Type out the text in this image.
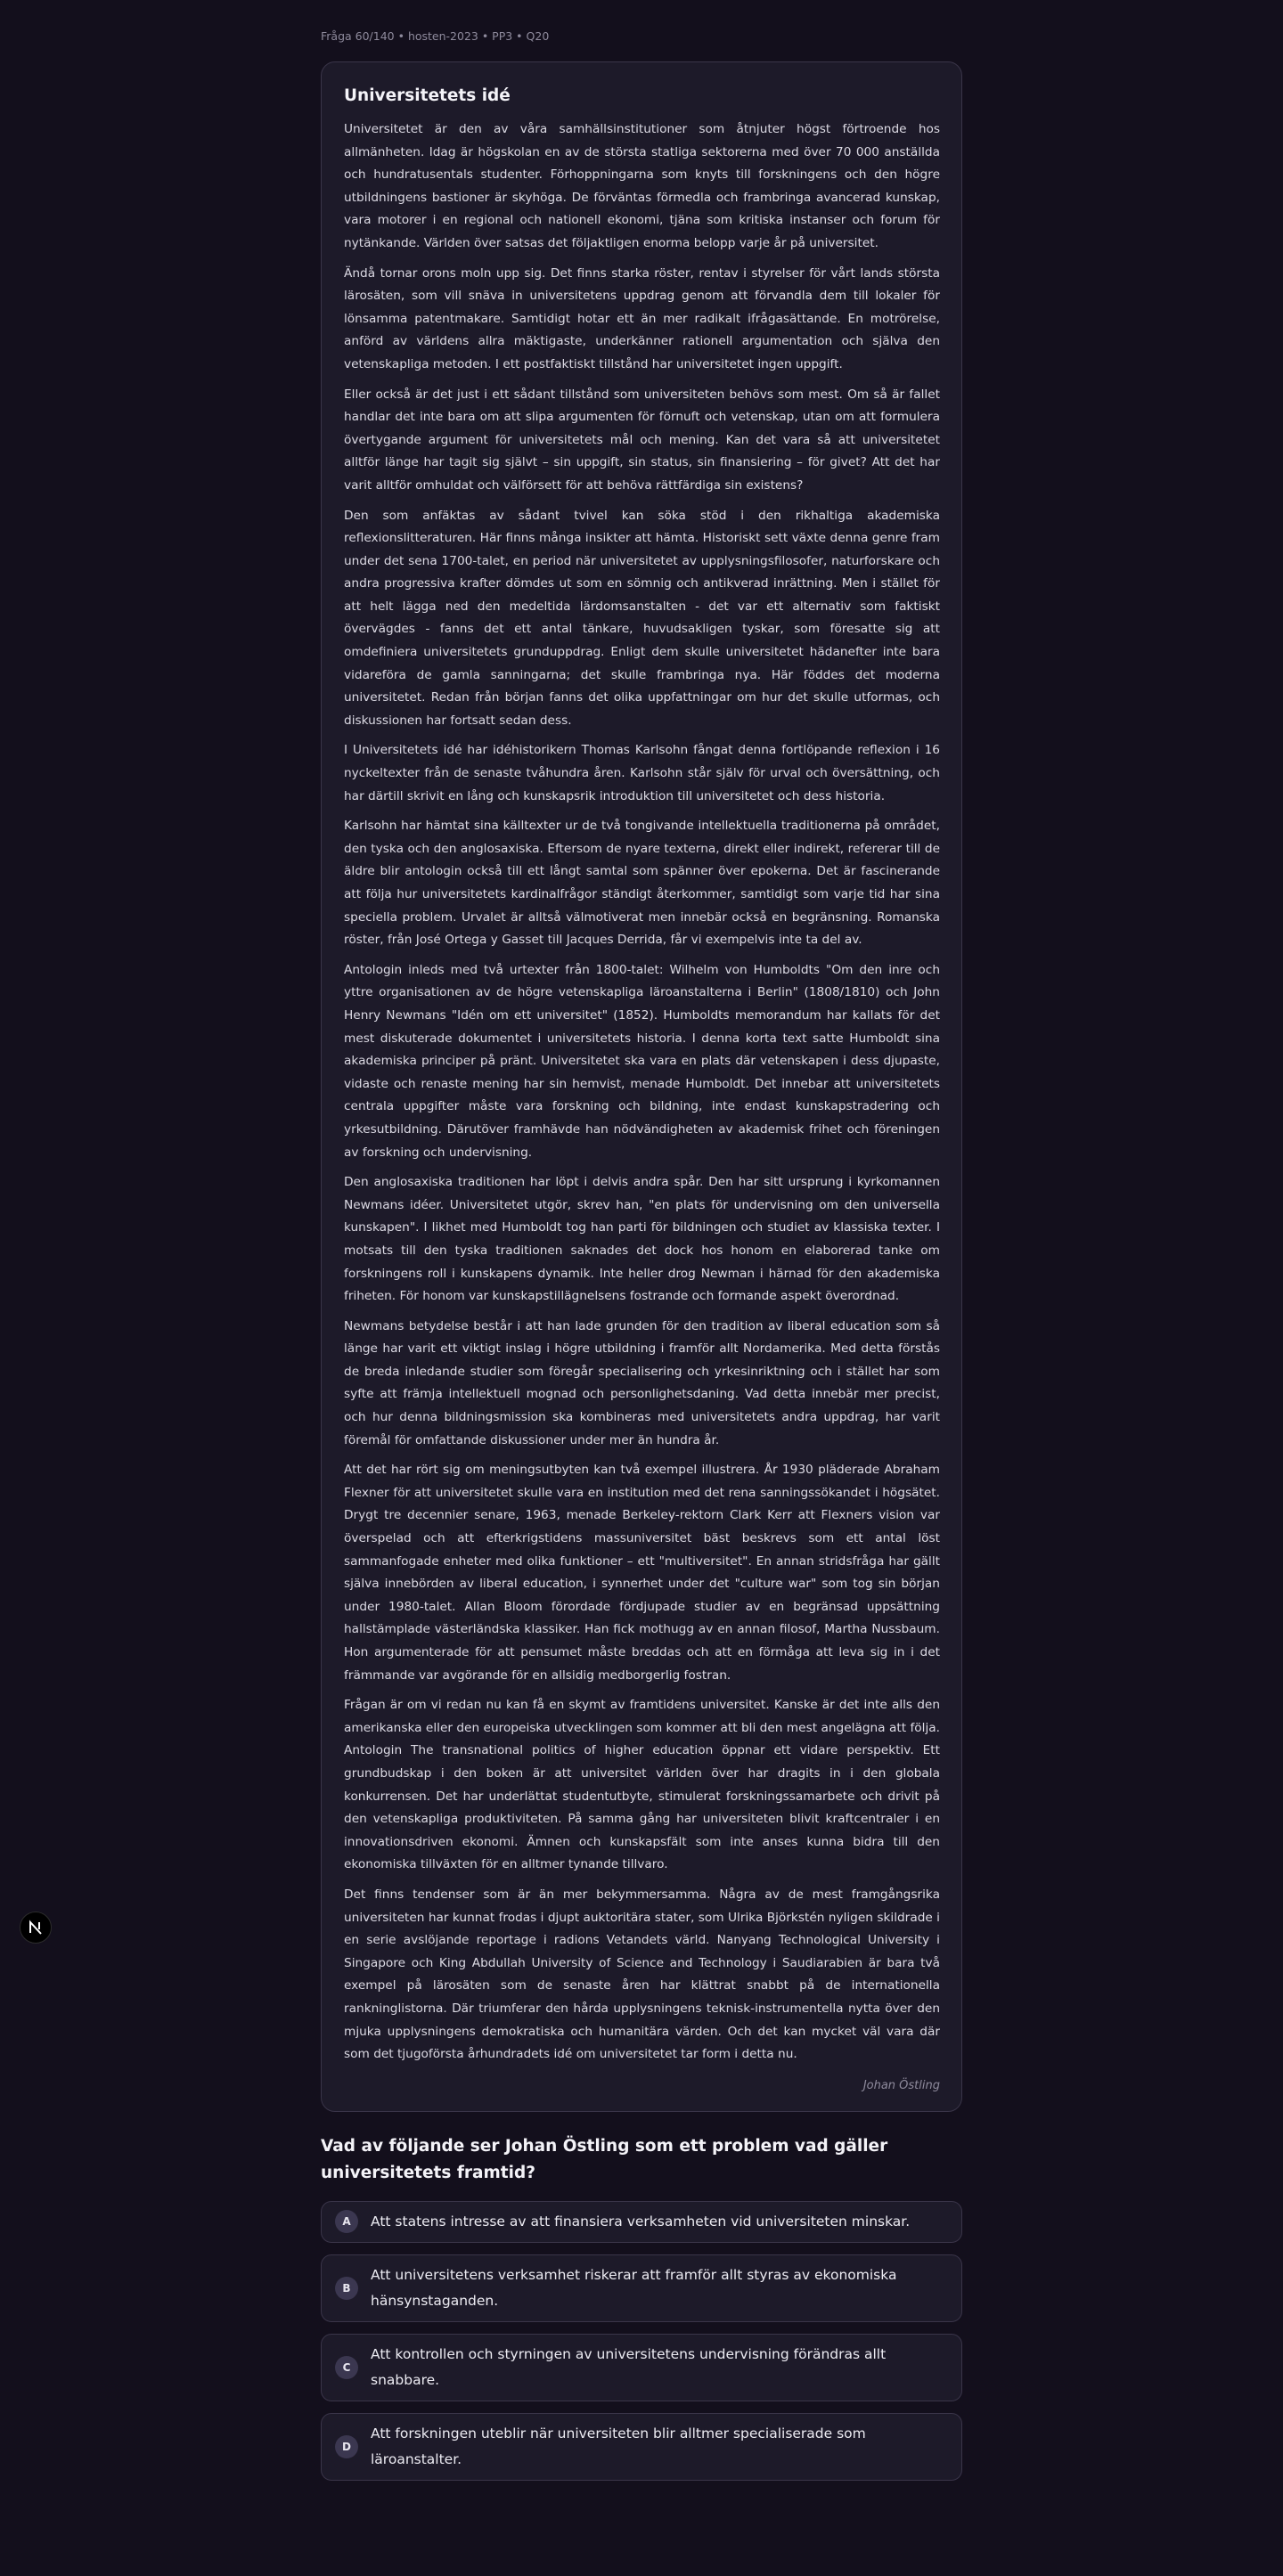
Fråga 60/140 • hosten-2023 • PP3 • Q20
Universitetets idé

Universitetet är den av våra samhällsinstitutioner som åtnjuter högst förtroende hos allmänheten. Idag är högskolan en av de största statliga sektorerna med över 70 000 anställda och hundratusentals studenter. Förhoppningarna som knyts till forskningens och den högre utbildningens bastioner är skyhöga. De förväntas förmedla och frambringa avancerad kunskap, vara motorer i en regional och nationell ekonomi, tjäna som kritiska instanser och forum för nytänkande. Världen över satsas det följaktligen enorma belopp varje år på universitet.

Ändå tornar orons moln upp sig. Det finns starka röster, rentav i styrelser för vårt lands största lärosäten, som vill snäva in universitetens uppdrag genom att förvandla dem till lokaler för lönsamma patentmakare. Samtidigt hotar ett än mer radikalt ifrågasättande. En motrörelse, anförd av världens allra mäktigaste, underkänner rationell argumentation och själva den vetenskapliga metoden. I ett postfaktiskt tillstånd har universitetet ingen uppgift.

Eller också är det just i ett sådant tillstånd som universiteten behövs som mest. Om så är fallet handlar det inte bara om att slipa argumenten för förnuft och vetenskap, utan om att formulera övertygande argument för universitetets mål och mening. Kan det vara så att universitetet alltför länge har tagit sig självt – sin uppgift, sin status, sin finansiering – för givet? Att det har varit alltför omhuldat och välförsett för att behöva rättfärdiga sin existens?

Den som anfäktas av sådant tvivel kan söka stöd i den rikhaltiga akademiska reflexionslitteraturen. Här finns många insikter att hämta. Historiskt sett växte denna genre fram under det sena 1700-talet, en period när universitetet av upplysningsfilosofer, naturforskare och andra progressiva krafter dömdes ut som en sömnig och antikverad inrättning. Men i stället för att helt lägga ned den medeltida lärdomsanstalten - det var ett alternativ som faktiskt övervägdes - fanns det ett antal tänkare, huvudsakligen tyskar, som föresatte sig att omdefiniera universitetets grunduppdrag. Enligt dem skulle universitetet hädanefter inte bara vidareföra de gamla sanningarna; det skulle frambringa nya. Här föddes det moderna universitetet. Redan från början fanns det olika uppfattningar om hur det skulle utformas, och diskussionen har fortsatt sedan dess.

I Universitetets idé har idéhistorikern Thomas Karlsohn fångat denna fortlöpande reflexion i 16 nyckeltexter från de senaste tvåhundra åren. Karlsohn står själv för urval och översättning, och har därtill skrivit en lång och kunskapsrik introduktion till universitetet och dess historia.

Karlsohn har hämtat sina källtexter ur de två tongivande intellektuella traditionerna på området, den tyska och den anglosaxiska. Eftersom de nyare texterna, direkt eller indirekt, refererar till de äldre blir antologin också till ett långt samtal som spänner över epokerna. Det är fascinerande att följa hur universitetets kardinalfrågor ständigt återkommer, samtidigt som varje tid har sina speciella problem. Urvalet är alltså välmotiverat men innebär också en begränsning. Romanska röster, från José Ortega y Gasset till Jacques Derrida, får vi exempelvis inte ta del av.

Antologin inleds med två urtexter från 1800-talet: Wilhelm von Humboldts "Om den inre och yttre organisationen av de högre vetenskapliga läroanstalterna i Berlin" (1808/1810) och John Henry Newmans "Idén om ett universitet" (1852). Humboldts memorandum har kallats för det mest diskuterade dokumentet i universitetets historia. I denna korta text satte Humboldt sina akademiska principer på pränt. Universitetet ska vara en plats där vetenskapen i dess djupaste, vidaste och renaste mening har sin hemvist, menade Humboldt. Det innebar att universitetets centrala uppgifter måste vara forskning och bildning, inte endast kunskapstradering och yrkesutbildning. Därutöver framhävde han nödvändigheten av akademisk frihet och föreningen av forskning och undervisning.

Den anglosaxiska traditionen har löpt i delvis andra spår. Den har sitt ursprung i kyrkomannen Newmans idéer. Universitetet utgör, skrev han, "en plats för undervisning om den universella kunskapen". I likhet med Humboldt tog han parti för bildningen och studiet av klassiska texter. I motsats till den tyska traditionen saknades det dock hos honom en elaborerad tanke om forskningens roll i kunskapens dynamik. Inte heller drog Newman i härnad för den akademiska friheten. För honom var kunskapstillägnelsens fostrande och formande aspekt överordnad.

Newmans betydelse består i att han lade grunden för den tradition av liberal education som så länge har varit ett viktigt inslag i högre utbildning i framför allt Nordamerika. Med detta förstås de breda inledande studier som föregår specialisering och yrkesinriktning och i stället har som syfte att främja intellektuell mognad och personlighetsdaning. Vad detta innebär mer precist, och hur denna bildningsmission ska kombineras med universitetets andra uppdrag, har varit föremål för omfattande diskussioner under mer än hundra år.

Att det har rört sig om meningsutbyten kan två exempel illustrera. År 1930 pläderade Abraham Flexner för att universitetet skulle vara en institution med det rena sanningssökandet i högsätet. Drygt tre decennier senare, 1963, menade Berkeley-rektorn Clark Kerr att Flexners vision var överspelad och att efterkrigstidens massuniversitet bäst beskrevs som ett antal löst sammanfogade enheter med olika funktioner – ett "multiversitet". En annan stridsfråga har gällt själva innebörden av liberal education, i synnerhet under det "culture war" som tog sin början under 1980-talet. Allan Bloom förordade fördjupade studier av en begränsad uppsättning hallstämplade västerländska klassiker. Han fick mothugg av en annan filosof, Martha Nussbaum. Hon argumenterade för att pensumet måste breddas och att en förmåga att leva sig in i det främmande var avgörande för en allsidig medborgerlig fostran.

Frågan är om vi redan nu kan få en skymt av framtidens universitet. Kanske är det inte alls den amerikanska eller den europeiska utvecklingen som kommer att bli den mest angelägna att följa. Antologin The transnational politics of higher education öppnar ett vidare perspektiv. Ett grundbudskap i den boken är att universitet världen över har dragits in i den globala konkurrensen. Det har underlättat studentutbyte, stimulerat forskningssamarbete och drivit på den vetenskapliga produktiviteten. På samma gång har universiteten blivit kraftcentraler i en innovationsdriven ekonomi. Ämnen och kunskapsfält som inte anses kunna bidra till den ekonomiska tillväxten för en alltmer tynande tillvaro.

Det finns tendenser som är än mer bekymmersamma. Några av de mest framgångsrika universiteten har kunnat frodas i djupt auktoritära stater, som Ulrika Björkstén nyligen skildrade i en serie avslöjande reportage i radions Vetandets värld. Nanyang Technological University i Singapore och King Abdullah University of Science and Technology i Saudiarabien är bara två exempel på lärosäten som de senaste åren har klättrat snabbt på de internationella rankninglistorna. Där triumferar den hårda upplysningens teknisk-instrumentella nytta över den mjuka upplysningens demokratiska och humanitära värden. Och det kan mycket väl vara där som det tjugoförsta århundradets idé om universitetet tar form i detta nu.

Johan Östling
Vad av följande ser Johan Östling som ett problem vad gäller universitetets framtid?
A	Att statens intresse av att finansiera verksamheten vid universiteten minskar.
B
Att universitetens verksamhet riskerar att framför allt styras av ekonomiska hänsynstaganden.
C
Att kontrollen och styrningen av universitetens undervisning förändras allt snabbare.
D
Att forskningen uteblir när universiteten blir alltmer specialiserade som läroanstalter.
